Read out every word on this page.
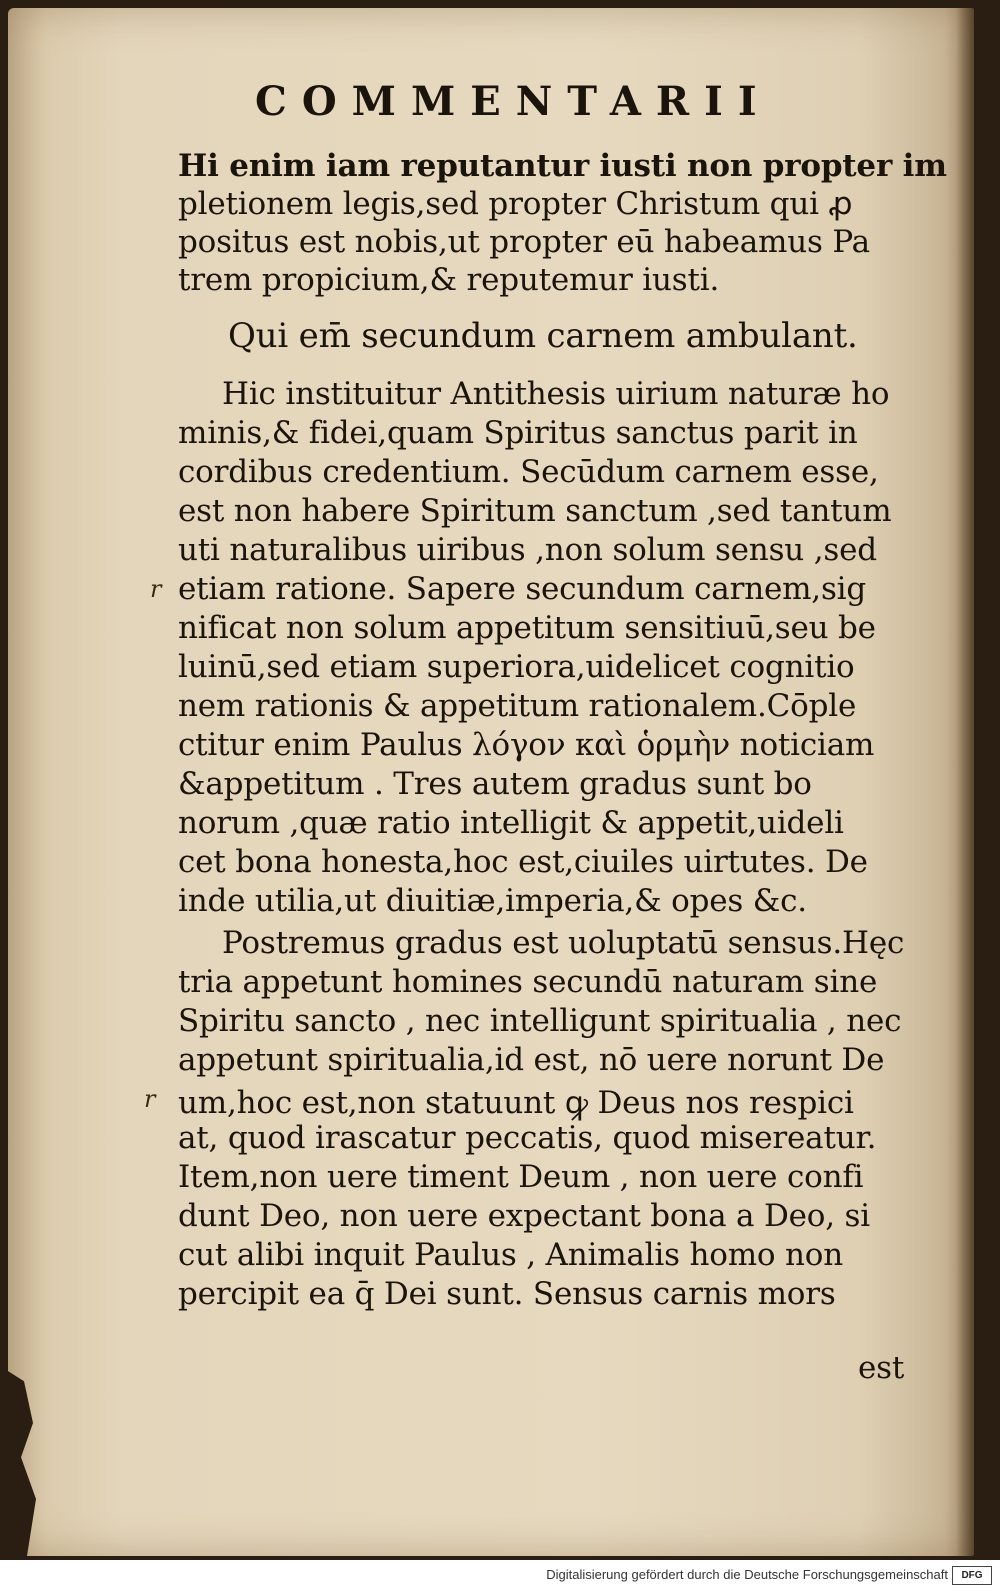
COMMENTARII
Hi enim iam reputantur iusti non propter im
pletionem legis,sed propter Christum qui ꝓ
positus est nobis,ut propter eū habeamus Pa
trem propicium,& reputemur iusti.
Qui em̄ secundum carnem ambulant.
Hic instituitur Antithesis uirium naturæ ho
minis,& fidei,quam Spiritus sanctus parit in
cordibus credentium. Secūdum carnem esse,
est non habere Spiritum sanctum ,sed tantum
uti naturalibus uiribus ,non solum sensu ,sed
etiam ratione. Sapere secundum carnem,sig
nificat non solum appetitum sensitiuū,seu be
luinū,sed etiam superiora,uidelicet cognitio
nem rationis & appetitum rationalem.Cōple
ctitur enim Paulus λόγον καὶ ὁρμὴν noticiam
&appetitum . Tres autem gradus sunt bo
norum ,quæ ratio intelligit & appetit,uideli
cet bona honesta,hoc est,ciuiles uirtutes. De
inde utilia,ut diuitiæ,imperia,& opes &c.
Postremus gradus est uoluptatū sensus.Hęc
tria appetunt homines secundū naturam sine
Spiritu sancto , nec intelligunt spiritualia , nec
appetunt spiritualia,id est, nō uere norunt De
um,hoc est,non statuunt ꝙ Deus nos respici
at, quod irascatur peccatis, quod misereatur.
Item,non uere timent Deum , non uere confi
dunt Deo, non uere expectant bona a Deo, si
cut alibi inquit Paulus , Animalis homo non
percipit ea q̄ Dei sunt. Sensus carnis mors
est
r
r
Digitalisierung gefördert durch die Deutsche Forschungsgemeinschaft	DFG
